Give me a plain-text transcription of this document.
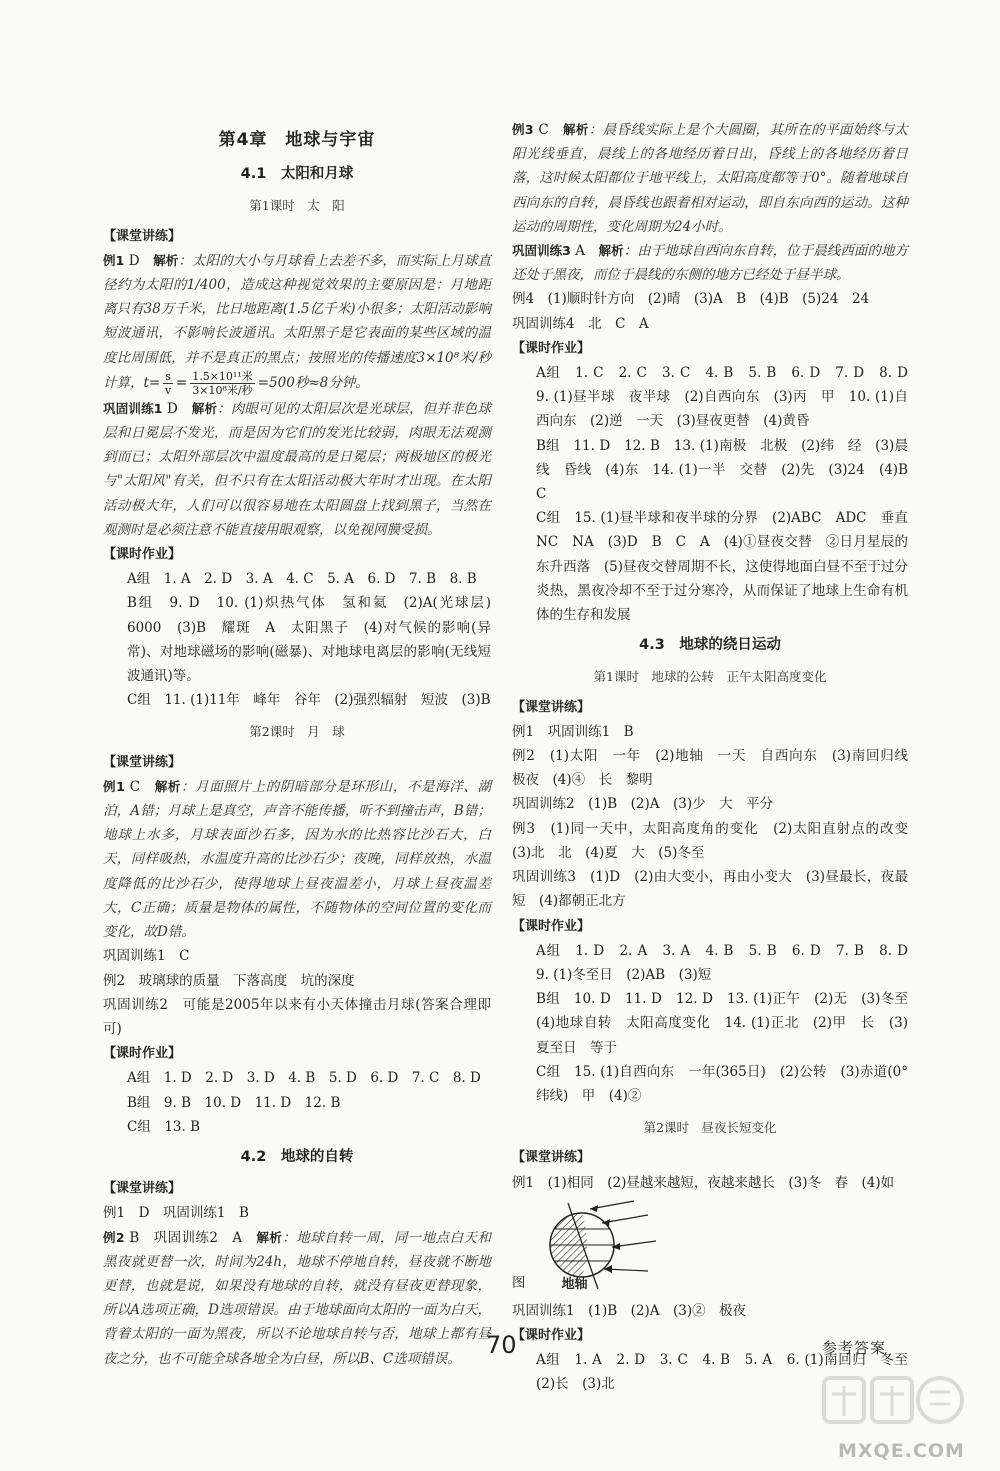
第4章　地球与宇宙
4.1　太阳和月球
第1课时　太　阳
【课堂讲练】

例1 D　解析：太阳的大小与月球看上去差不多，而实际上月球直径约为太阳的1/400，造成这种视觉效果的主要原因是：月地距离只有38万千米，比日地距离(1.5亿千米)小很多；太阳活动影响短波通讯，不影响长波通讯。太阳黑子是它表面的某些区域的温度比周围低，并不是真正的黑点；按照光的传播速度3×10⁸米/秒计算，$t= \frac{s}{v} = \frac{\text{1.5×10¹¹米}}{\text{3×10⁸米/秒}} =500$秒≈8分钟。

巩固训练1 D　解析：肉眼可见的太阳层次是光球层，但并非色球层和日冕层不发光，而是因为它们的发光比较弱，肉眼无法观测到而已；太阳外部层次中温度最高的是日冕层；两极地区的极光与"太阳风"有关，但不只有在太阳活动极大年时才出现。在太阳活动极大年，人们可以很容易地在太阳圆盘上找到黑子，当然在观测时是必须注意不能直接用眼观察，以免视网膜受损。

【课时作业】

A组　1. A　2. D　3. A　4. C　5. A　6. D　7. B　8. B

B组　9. D　10. (1)炽热气体　氢和氦　(2)A(光球层)　6000　(3)B　耀斑　A　太阳黑子　(4)对气候的影响(异常)、对地球磁场的影响(磁暴)、对地球电离层的影响(无线短波通讯)等。

C组　11. (1)11年　峰年　谷年　(2)强烈辐射　短波　(3)B

第2课时　月　球
【课堂讲练】

例1 C　解析：月面照片上的阴暗部分是环形山，不是海洋、湖泊，A错；月球上是真空，声音不能传播，听不到撞击声，B错；地球上水多，月球表面沙石多，因为水的比热容比沙石大，白天，同样吸热，水温度升高的比沙石少；夜晚，同样放热，水温度降低的比沙石少，使得地球上昼夜温差小，月球上昼夜温差大，C正确；质量是物体的属性，不随物体的空间位置的变化而变化，故D错。

巩固训练1　C

例2　玻璃球的质量　下落高度　坑的深度

巩固训练2　可能是2005年以来有小天体撞击月球(答案合理即可)

【课时作业】

A组　1. D　2. D　3. D　4. B　5. D　6. D　7. C　8. D

B组　9. B　10. D　11. D　12. B

C组　13. B

4.2　地球的自转
【课堂讲练】

例1　D　巩固训练1　B

例2 B　巩固训练2　A　解析：地球自转一周，同一地点白天和黑夜就更替一次，时间为24h，地球不停地自转，昼夜就不断地更替，也就是说，如果没有地球的自转，就没有昼夜更替现象，所以A选项正确，D选项错误。由于地球面向太阳的一面为白天，背着太阳的一面为黑夜，所以不论地球自转与否，地球上都有昼夜之分，也不可能全球各地全为白昼，所以B、C选项错误。

例3 C　解析：晨昏线实际上是个大圆圈，其所在的平面始终与太阳光线垂直，晨线上的各地经历着日出，昏线上的各地经历着日落，这时候太阳都位于地平线上，太阳高度都等于0°。随着地球自西向东的自转，晨昏线也跟着相对运动，即自东向西的运动。这种运动的周期性，变化周期为24小时。

巩固训练3 A　解析：由于地球自西向东自转，位于晨线西面的地方还处于黑夜，而位于晨线的东侧的地方已经处于昼半球。

例4　(1)顺时针方向　(2)晴　(3)A　B　(4)B　(5)24　24

巩固训练4　北　C　A

【课时作业】

A组　1. C　2. C　3. C　4. B　5. B　6. D　7. D　8. D　9. (1)昼半球　夜半球　(2)自西向东　(3)丙　甲　10. (1)自西向东　(2)逆　一天　(3)昼夜更替　(4)黄昏

B组　11. D　12. B　13. (1)南极　北极　(2)纬　经　(3)晨线　昏线　(4)东　14. (1)一半　交替　(2)先　(3)24　(4)B　C

C组　15. (1)昼半球和夜半球的分界　(2)ABC　ADC　垂直　NC　NA　(3)D　B　C　A　(4)①昼夜交替　②日月星辰的东升西落　(5)昼夜交替周期不长，这使得地面白昼不至于过分炎热，黑夜冷却不至于过分寒冷，从而保证了地球上生命有机体的生存和发展

4.3　地球的绕日运动
第1课时　地球的公转　正午太阳高度变化
【课堂讲练】

例1　巩固训练1　B

例2　(1)太阳　一年　(2)地轴　一天　自西向东　(3)南回归线　极夜　(4)④　长　黎明

巩固训练2　(1)B　(2)A　(3)少　大　平分

例3　(1)同一天中，太阳高度角的变化　(2)太阳直射点的改变　(3)北　北　(4)夏　大　(5)冬至

巩固训练3　(1)D　(2)由大变小，再由小变大　(3)昼最长，夜最短　(4)都朝正北方

【课时作业】

A组　1. D　2. A　3. A　4. B　5. B　6. D　7. B　8. D　9. (1)冬至日　(2)AB　(3)短

B组　10. D　11. D　12. D　13. (1)正午　(2)无　(3)冬至　(4)地球自转　太阳高度变化　14. (1)正北　(2)甲　长　(3)夏至日　等于

C组　15. (1)自西向东　一年(365日)　(2)公转　(3)赤道(0°纬线)　甲　(4)②

第2课时　昼夜长短变化
【课堂讲练】

例1　(1)相同　(2)昼越来越短，夜越来越长　(3)冬　春　(4)如

图	地轴

巩固训练1　(1)B　(2)A　(3)②　极夜

【课时作业】

A组　1. A　2. D　3. C　4. B　5. A　6. (1)南回归　冬至　(2)长　(3)北

70	参考答案
MXQE.COM
